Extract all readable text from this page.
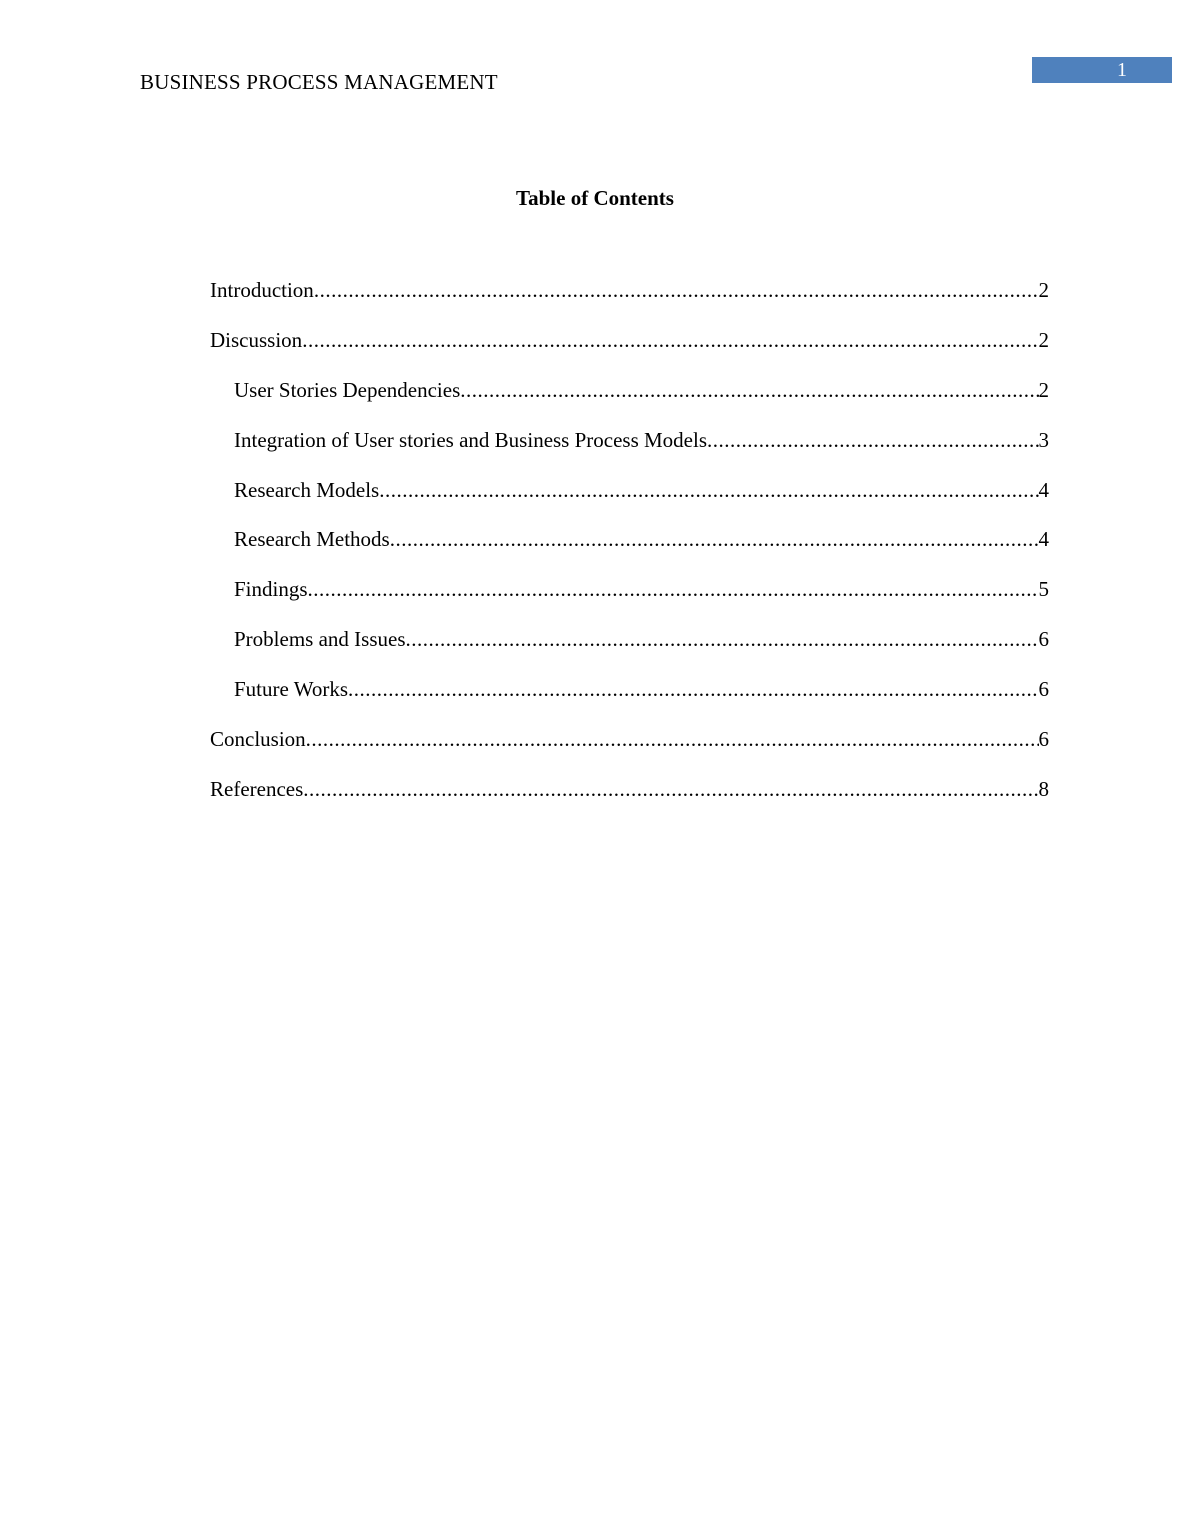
BUSINESS PROCESS MANAGEMENT	1
Table of Contents
Introduction .....	2
Discussion .....	2
User Stories Dependencies .....	2
Integration of User stories and Business Process Models .....	3
Research Models .....	4
Research Methods .....	4
Findings .....	5
Problems and Issues .....	6
Future Works .....	6
Conclusion .....	6
References .....	8
